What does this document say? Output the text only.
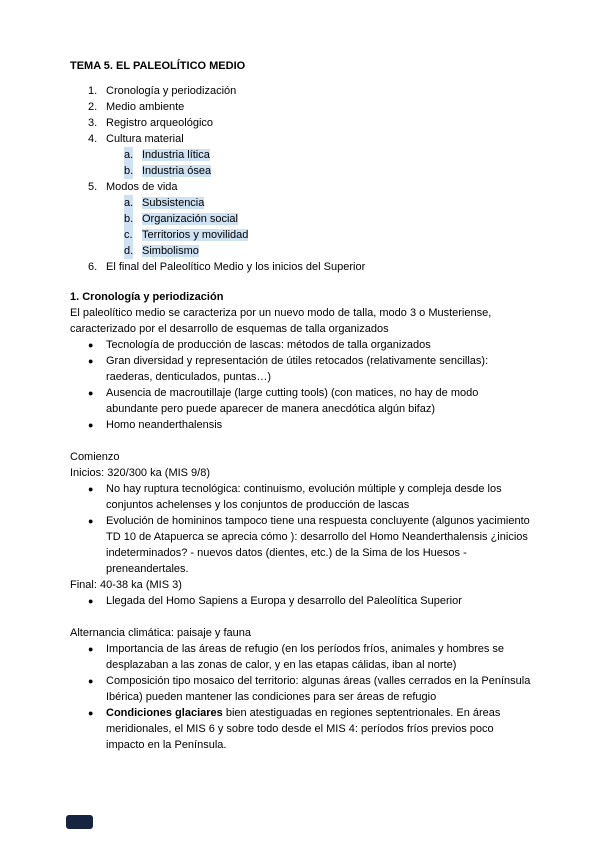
TEMA 5. EL PALEOLÍTICO MEDIO
1. Cronología y periodización
2. Medio ambiente
3. Registro arqueológico
4. Cultura material
a. Industria lítica
b. Industria ósea
5. Modos de vida
a. Subsistencia
b. Organización social
c. Territorios y movilidad
d. Simbolismo
6. El final del Paleolítico Medio y los inicios del Superior
1. Cronología y periodización
El paleolítico medio se caracteriza por un nuevo modo de talla, modo 3 o Musteriense, caracterizado por el desarrollo de esquemas de talla organizados
● Tecnología de producción de lascas: métodos de talla organizados
● Gran diversidad y representación de útiles retocados (relativamente sencillas): raederas, denticulados, puntas…)
● Ausencia de macroutillaje (large cutting tools) (con matices, no hay de modo abundante pero puede aparecer de manera anecdótica algún bifaz)
● Homo neanderthalensis
Comienzo
Inicios: 320/300 ka (MIS 9/8)
● No hay ruptura tecnológica: continuismo, evolución múltiple y compleja desde los conjuntos achelenses y los conjuntos de producción de lascas
● Evolución de homininos tampoco tiene una respuesta concluyente (algunos yacimiento TD 10 de Atapuerca se aprecia cómo ): desarrollo del Homo Neanderthalensis ¿inicios indeterminados? - nuevos datos (dientes, etc.) de la Sima de los Huesos - preneandertales.
Final: 40-38 ka (MIS 3)
● Llegada del Homo Sapiens a Europa y desarrollo del Paleolítica Superior
Alternancia climática: paisaje y fauna
● Importancia de las áreas de refugio (en los períodos fríos, animales y hombres se desplazaban a las zonas de calor, y en las etapas cálidas, iban al norte)
● Composición tipo mosaico del territorio: algunas áreas (valles cerrados en la Península Ibérica) pueden mantener las condiciones para ser áreas de refugio
● Condiciones glaciares bien atestiguadas en regiones septentrionales. En áreas meridionales, el MIS 6 y sobre todo desde el MIS 4: períodos fríos previos poco impacto en la Península.
